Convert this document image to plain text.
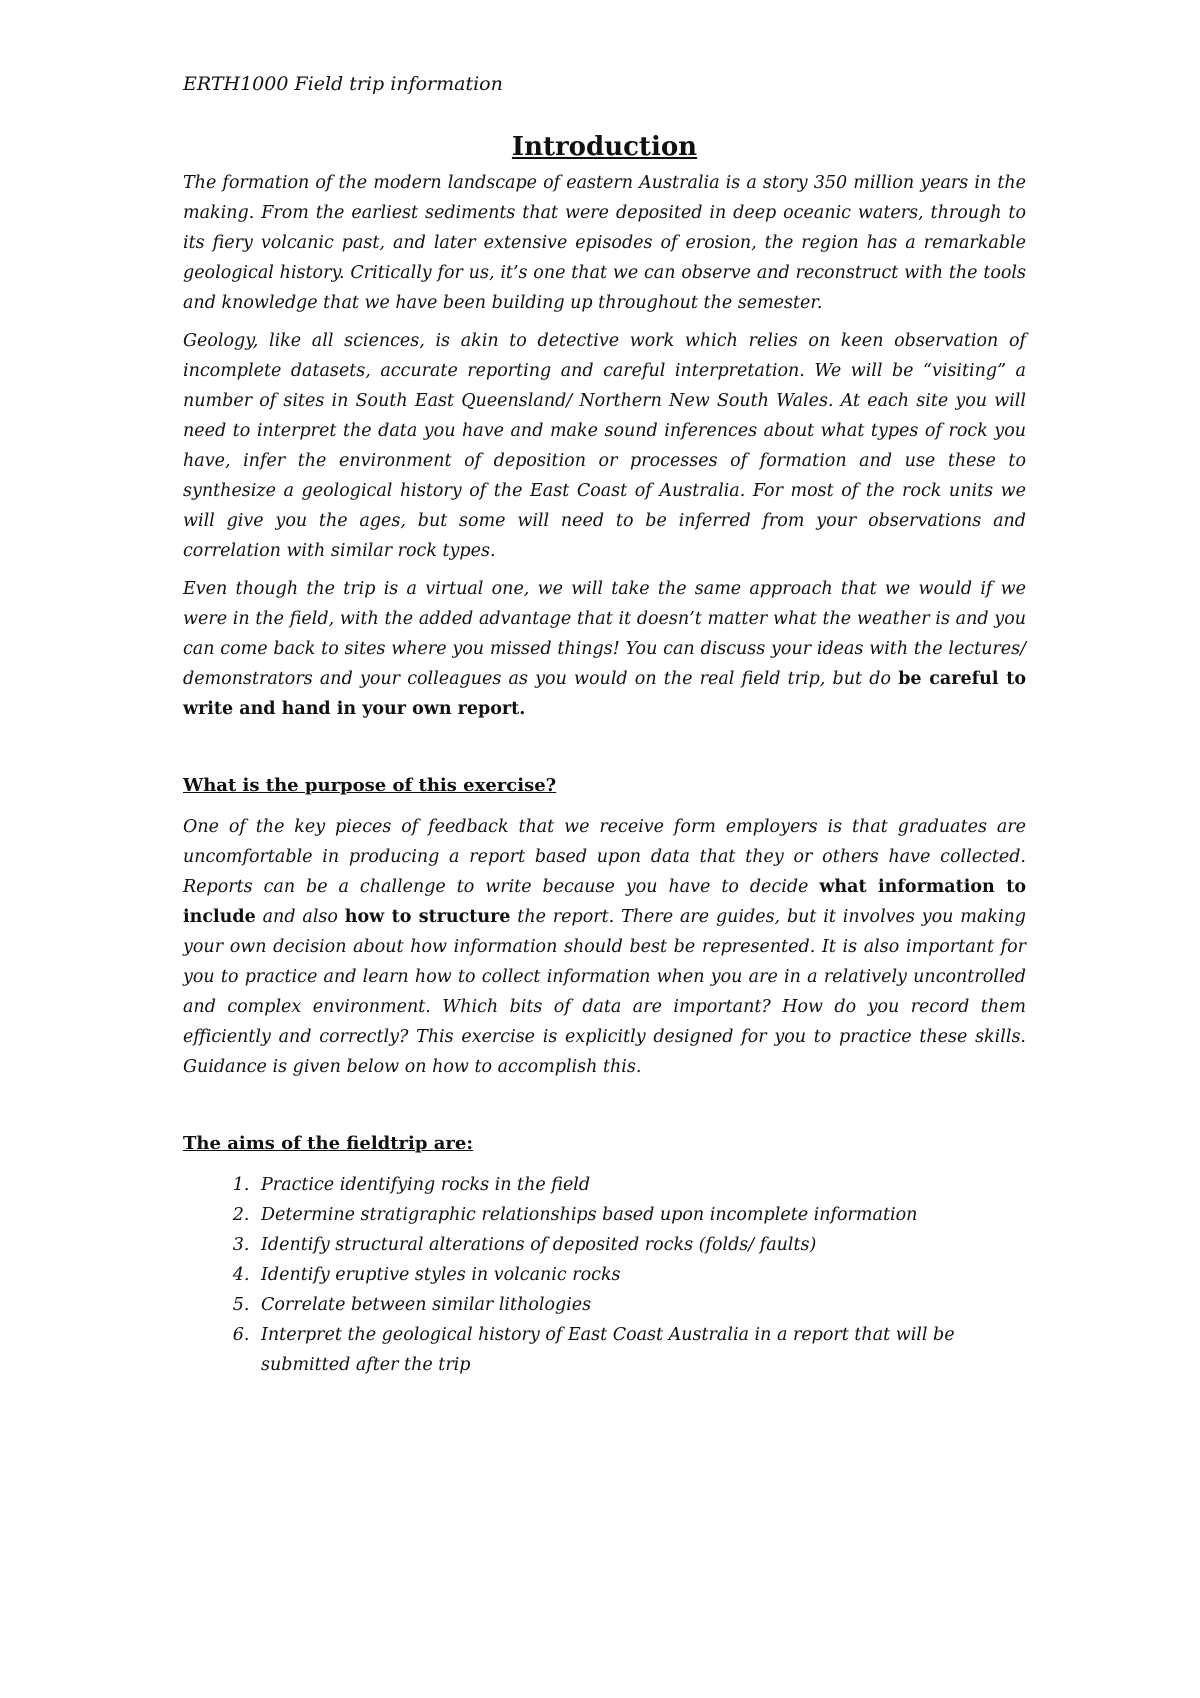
ERTH1000 Field trip information
Introduction

The formation of the modern landscape of eastern Australia is a story 350 million years in the making. From the earliest sediments that were deposited in deep oceanic waters, through to its fiery volcanic past, and later extensive episodes of erosion, the region has a remarkable geological history. Critically for us, it’s one that we can observe and reconstruct with the tools and knowledge that we have been building up throughout the semester.

Geology, like all sciences, is akin to detective work which relies on keen observation of incomplete datasets, accurate reporting and careful interpretation. We will be “visiting” a number of sites in South East Queensland/ Northern New South Wales. At each site you will need to interpret the data you have and make sound inferences about what types of rock you have, infer the environment of deposition or processes of formation and use these to synthesize a geological history of the East Coast of Australia. For most of the rock units we will give you the ages, but some will need to be inferred from your observations and correlation with similar rock types.

Even though the trip is a virtual one, we will take the same approach that we would if we were in the field, with the added advantage that it doesn’t matter what the weather is and you can come back to sites where you missed things! You can discuss your ideas with the lectures/ demonstrators and your colleagues as you would on the real field trip, but do be careful to write and hand in your own report.

What is the purpose of this exercise?

One of the key pieces of feedback that we receive form employers is that graduates are uncomfortable in producing a report based upon data that they or others have collected. Reports can be a challenge to write because you have to decide what information to include and also how to structure the report. There are guides, but it involves you making your own decision about how information should best be represented. It is also important for you to practice and learn how to collect information when you are in a relatively uncontrolled and complex environment. Which bits of data are important? How do you record them efficiently and correctly? This exercise is explicitly designed for you to practice these skills. Guidance is given below on how to accomplish this.

The aims of the fieldtrip are:
1. Practice identifying rocks in the field
2. Determine stratigraphic relationships based upon incomplete information
3. Identify structural alterations of deposited rocks (folds/ faults)
4. Identify eruptive styles in volcanic rocks
5. Correlate between similar lithologies
6. Interpret the geological history of East Coast Australia in a report that will be submitted after the trip
